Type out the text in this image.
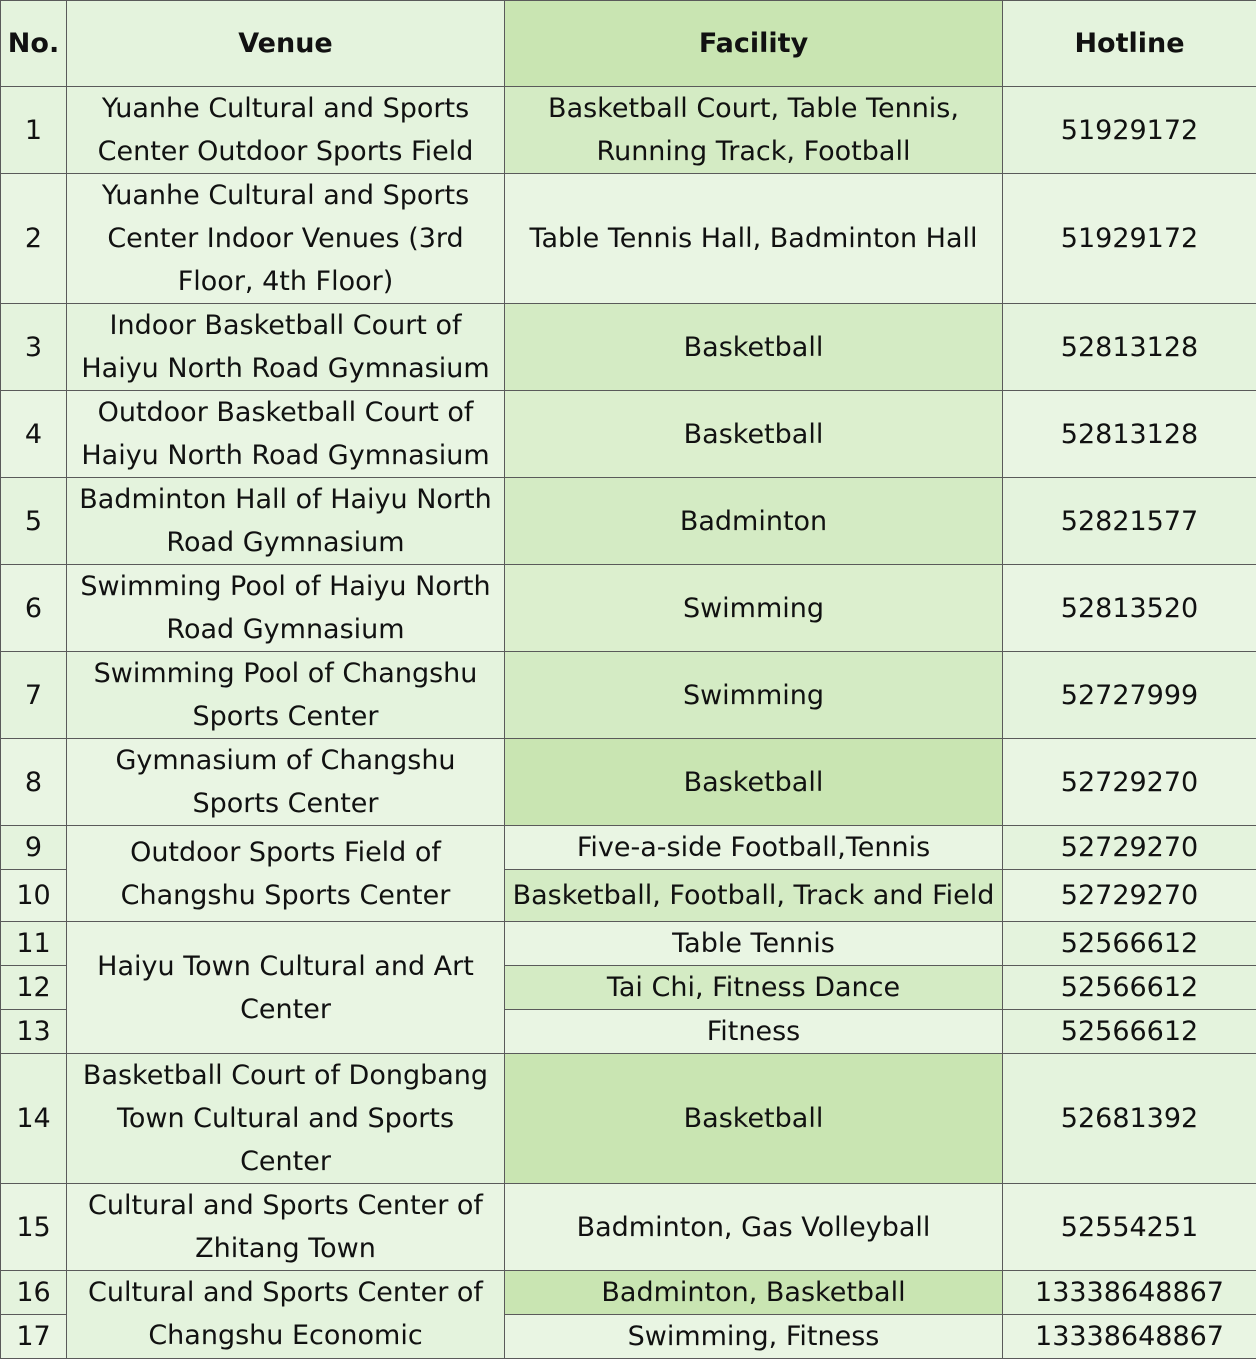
No.	Venue	Facility	Hotline
1	Yuanhe Cultural and Sports Center Outdoor Sports Field	Basketball Court, Table Tennis, Running Track, Football	51929172
2	Yuanhe Cultural and Sports Center Indoor Venues (3rd Floor, 4th Floor)	Table Tennis Hall, Badminton Hall	51929172
3	Indoor Basketball Court of Haiyu North Road Gymnasium	Basketball	52813128
4	Outdoor Basketball Court of Haiyu North Road Gymnasium	Basketball	52813128
5	Badminton Hall of Haiyu North Road Gymnasium	Badminton	52821577
6	Swimming Pool of Haiyu North Road Gymnasium	Swimming	52813520
7	Swimming Pool of Changshu Sports Center	Swimming	52727999
8	Gymnasium of Changshu Sports Center	Basketball	52729270
9	Outdoor Sports Field of Changshu Sports Center	Five-a-side Football,Tennis	52729270
10		Basketball, Football, Track and Field	52729270
11	Haiyu Town Cultural and Art Center	Table Tennis	52566612
12		Tai Chi, Fitness Dance	52566612
13		Fitness	52566612
14	Basketball Court of Dongbang Town Cultural and Sports Center	Basketball	52681392
15	Cultural and Sports Center of Zhitang Town	Badminton, Gas Volleyball	52554251
16	Cultural and Sports Center of Changshu Economic	Badminton, Basketball	13338648867
17		Swimming, Fitness	13338648867
